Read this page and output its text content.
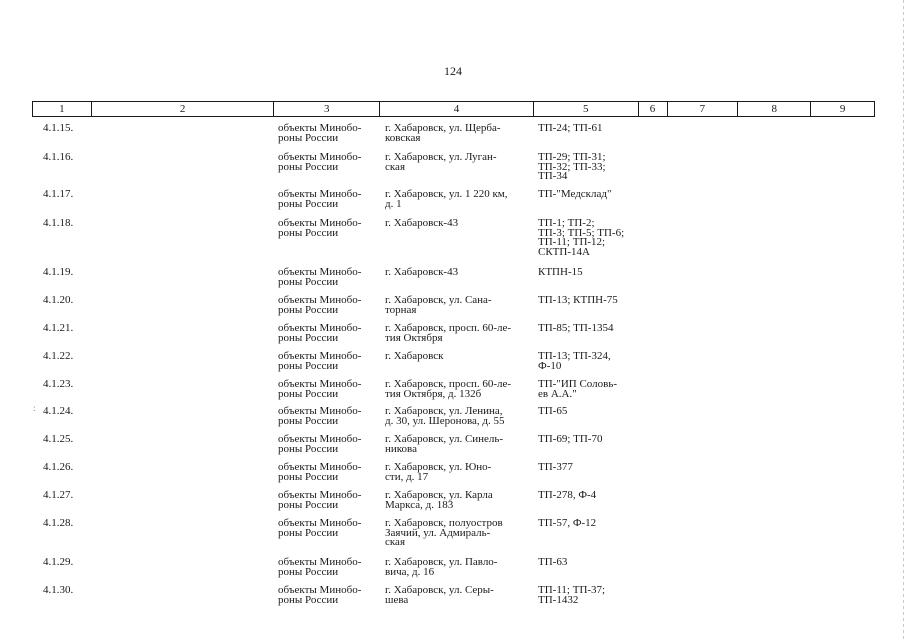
124
1	2	3	4	5	6	7	8	9
4.1.15.	объекты Минобо-
роны России
г. Хабаровск, ул. Щерба-
ковская
ТП-24; ТП-61
4.1.16.	объекты Минобо-
роны России
г. Хабаровск, ул. Луган-
ская
ТП-29; ТП-31;
ТП-32; ТП-33;
ТП-34
4.1.17.	объекты Минобо-
роны России
г. Хабаровск, ул. 1 220 км,
д. 1
ТП-"Медсклад"
4.1.18.	объекты Минобо-
роны России
г. Хабаровск-43	ТП-1; ТП-2;
ТП-3; ТП-5; ТП-6;
ТП-11; ТП-12;
СКТП-14А
4.1.19.	объекты Минобо-
роны России
г. Хабаровск-43	КТПН-15
4.1.20.	объекты Минобо-
роны России
г. Хабаровск, ул. Сана-
торная
ТП-13; КТПН-75
4.1.21.	объекты Минобо-
роны России
г. Хабаровск, просп. 60-ле-
тия Октября
ТП-85; ТП-1354
4.1.22.	объекты Минобо-
роны России
г. Хабаровск	ТП-13; ТП-324,
Ф-10
4.1.23.	объекты Минобо-
роны России
г. Хабаровск, просп. 60-ле-
тия Октября, д. 132б
ТП-"ИП Соловь-
ев А.А."
4.1.24.	объекты Минобо-
роны России
г. Хабаровск, ул. Ленина,
д. 30, ул. Шеронова, д. 55
ТП-65
4.1.25.	объекты Минобо-
роны России
г. Хабаровск, ул. Синель-
никова
ТП-69; ТП-70
4.1.26.	объекты Минобо-
роны России
г. Хабаровск, ул. Юно-
сти, д. 17
ТП-377
4.1.27.	объекты Минобо-
роны России
г. Хабаровск, ул. Карла
Маркса, д. 183
ТП-278, Ф-4
4.1.28.	объекты Минобо-
роны России
г. Хабаровск, полуостров
Заячий, ул. Адмираль-
ская
ТП-57, Ф-12
4.1.29.	объекты Минобо-
роны России
г. Хабаровск, ул. Павло-
вича, д. 16
ТП-63
4.1.30.	объекты Минобо-
роны России
г. Хабаровск, ул. Серы-
шева
ТП-11; ТП-37;
ТП-1432
:
